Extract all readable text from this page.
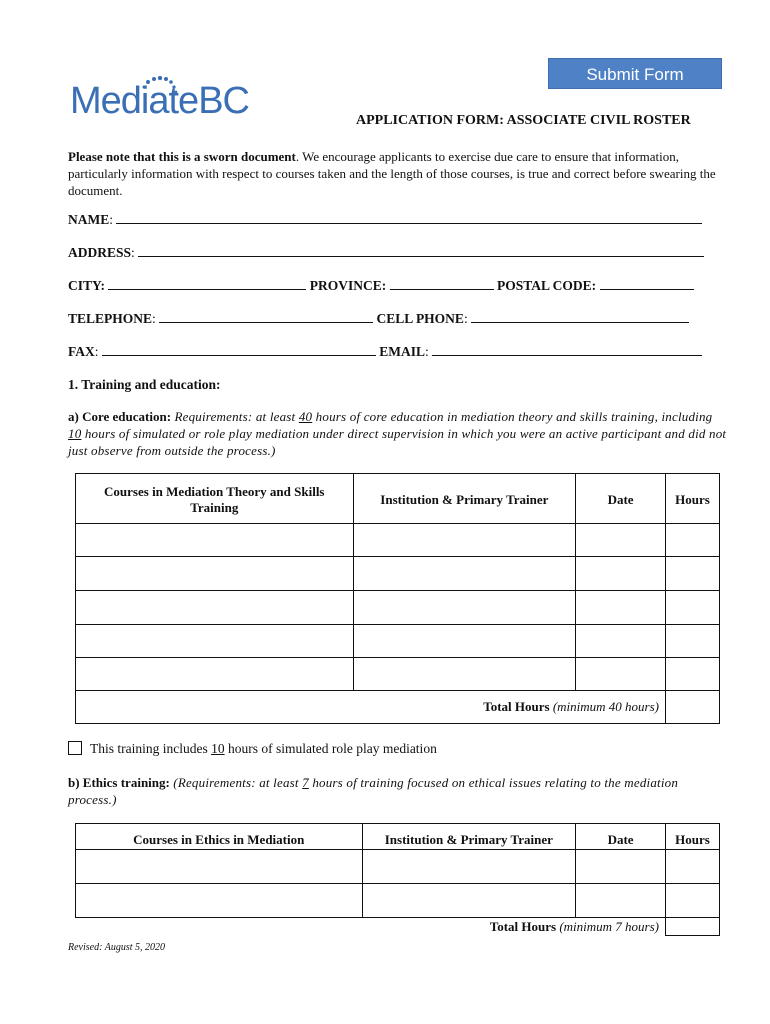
Submit Form
MediateBC	APPLICATION FORM: ASSOCIATE CIVIL ROSTER
Please note that this is a sworn document. We encourage applicants to exercise due care to ensure that information, particularly information with respect to courses taken and the length of those courses, is true and correct before swearing the document.
NAME:
ADDRESS:
CITY:	PROVINCE:	POSTAL CODE:
TELEPHONE:	CELL PHONE:
FAX:	EMAIL:
1. Training and education:
a) Core education: Requirements: at least 40 hours of core education in mediation theory and skills training, including 10 hours of simulated or role play mediation under direct supervision in which you were an active participant and did not just observe from outside the process.)
Courses in Mediation Theory and Skills Training	Institution & Primary Trainer	Date	Hours

Total Hours (minimum 40 hours)			
This training includes 10 hours of simulated role play mediation
b) Ethics training: (Requirements: at least 7 hours of training focused on ethical issues relating to the mediation process.)
Courses in Ethics in Mediation	Institution & Primary Trainer	Date	Hours

Total Hours (minimum 7 hours)			
Revised: August 5, 2020
